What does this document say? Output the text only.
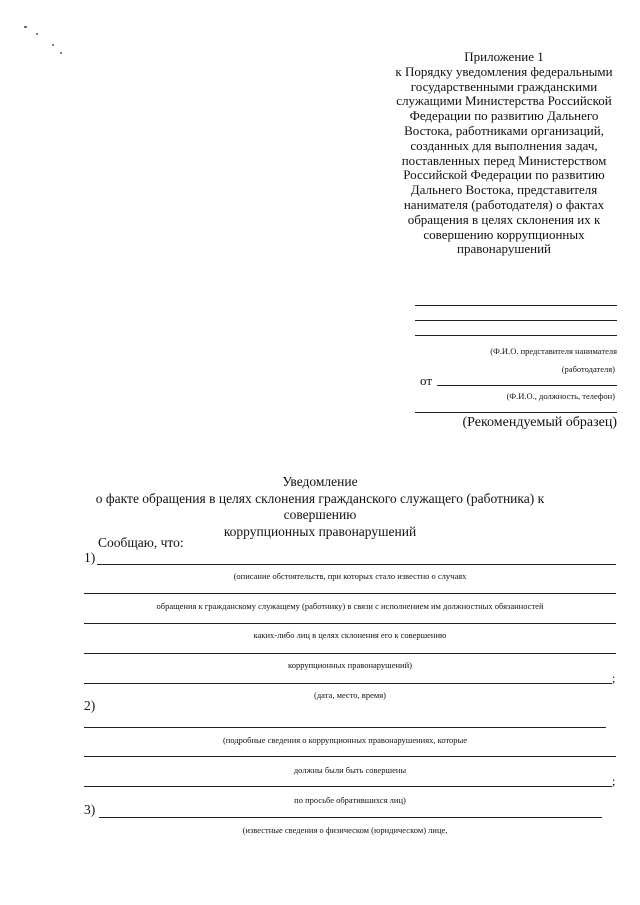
Приложение 1
к Порядку уведомления федеральными
государственными гражданскими
служащими Министерства Российской
Федерации по развитию Дальнего
Востока, работниками организаций,
созданных для выполнения задач,
поставленных перед Министерством
Российской Федерации по развитию
Дальнего Востока, представителя
нанимателя (работодателя) о фактах
обращения в целях склонения их к
совершению коррупционных
правонарушений
(Ф.И.О. представителя нанимателя
(работодателя)
от
(Ф.И.О., должность, телефон)
(Рекомендуемый образец)
Уведомление
о факте обращения в целях склонения гражданского служащего (работника) к совершению
коррупционных правонарушений
Сообщаю, что:
1)
(описание обстоятельств, при которых стало известно о случаях
обращения к гражданскому служащему (работнику) в связи с исполнением им должностных обязанностей
каких-либо лиц в целях склонения его к совершению
коррупционных правонарушений)
;
(дата, место, время)
2)
(подробные сведения о коррупционных правонарушениях, которые
должны были быть совершены
;
по просьбе обратившихся лиц)
3)
(известные сведения о физическом (юридическом) лице,
